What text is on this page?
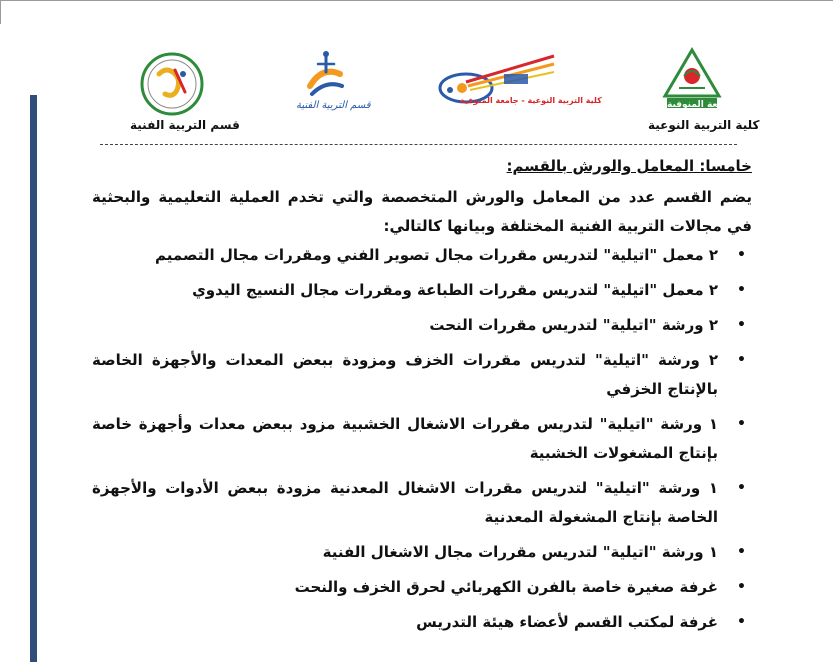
قسم التربية الفنية
قسم التربية الفنية	كلية التربية النوعية - جامعة المنوفية	جامعة المنوفية
كلية التربية النوعية
خامسا: المعامل والورش بالقسم:
يضم القسم عدد من المعامل والورش المتخصصة والتي تخدم العملية التعليمية والبحثية في مجالات التربية الفنية المختلفة وبيانها كالتالي:
•
٢ معمل "اتيلية" لتدريس مقررات مجال تصوير الفني ومقررات مجال التصميم
•
٢ معمل "اتيلية" لتدريس مقررات الطباعة ومقررات مجال النسيج اليدوي
•
٢ ورشة "اتيلية" لتدريس مقررات النحت
•
٢ ورشة "اتيلية" لتدريس مقررات الخزف ومزودة ببعض المعدات والأجهزة الخاصة بالإنتاج الخزفي
•
١ ورشة "اتيلية" لتدريس مقررات الاشغال الخشبية مزود ببعض معدات وأجهزة خاصة بإنتاج المشغولات الخشبية
•
١ ورشة "اتيلية" لتدريس مقررات الاشغال المعدنية مزودة ببعض الأدوات والأجهزة الخاصة بإنتاج المشغولة المعدنية
•
١ ورشة "اتيلية" لتدريس مقررات مجال الاشغال الفنية
•
غرفة صغيرة خاصة بالفرن الكهربائي لحرق الخزف والنحت
•
غرفة لمكتب القسم لأعضاء هيئة التدريس
